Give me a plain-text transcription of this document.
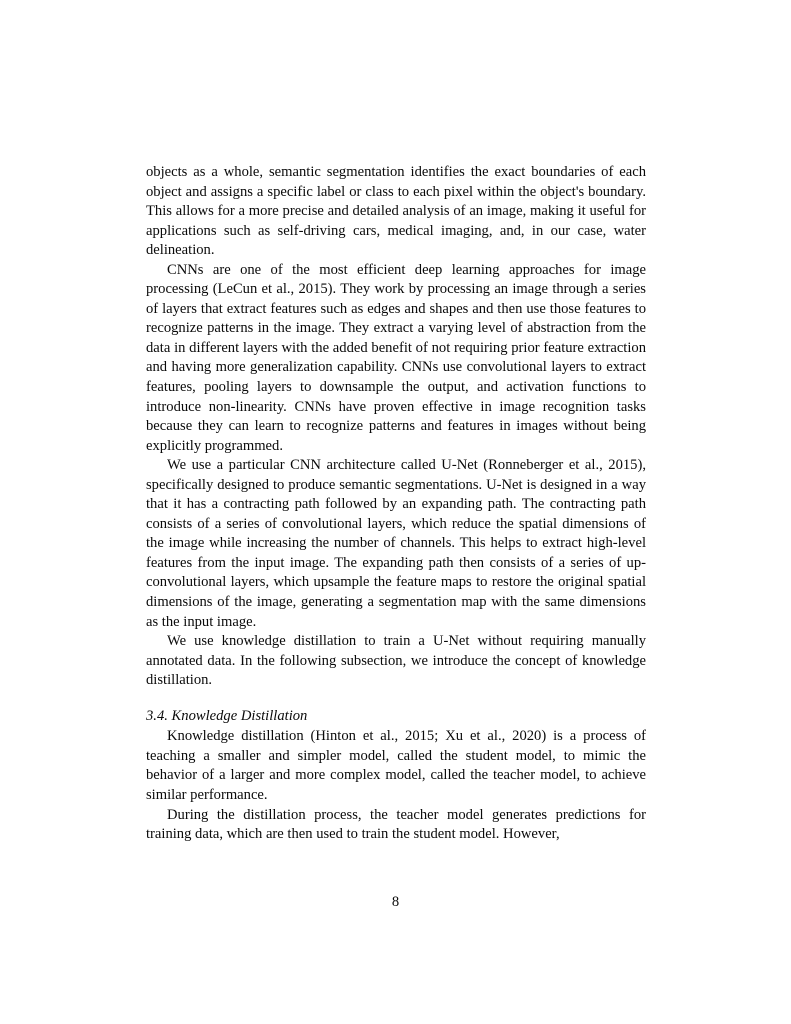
objects as a whole, semantic segmentation identifies the exact boundaries of each object and assigns a specific label or class to each pixel within the object's boundary. This allows for a more precise and detailed analysis of an image, making it useful for applications such as self-driving cars, medical imaging, and, in our case, water delineation.

CNNs are one of the most efficient deep learning approaches for image processing (LeCun et al., 2015). They work by processing an image through a series of layers that extract features such as edges and shapes and then use those features to recognize patterns in the image. They extract a varying level of abstraction from the data in different layers with the added benefit of not requiring prior feature extraction and having more generalization capability. CNNs use convolutional layers to extract features, pooling layers to downsample the output, and activation functions to introduce non-linearity. CNNs have proven effective in image recognition tasks because they can learn to recognize patterns and features in images without being explicitly programmed.

We use a particular CNN architecture called U-Net (Ronneberger et al., 2015), specifically designed to produce semantic segmentations. U-Net is designed in a way that it has a contracting path followed by an expanding path. The contracting path consists of a series of convolutional layers, which reduce the spatial dimensions of the image while increasing the number of channels. This helps to extract high-level features from the input image. The expanding path then consists of a series of up-convolutional layers, which upsample the feature maps to restore the original spatial dimensions of the image, generating a segmentation map with the same dimensions as the input image.

We use knowledge distillation to train a U-Net without requiring manually annotated data. In the following subsection, we introduce the concept of knowledge distillation.

3.4. Knowledge Distillation

Knowledge distillation (Hinton et al., 2015; Xu et al., 2020) is a process of teaching a smaller and simpler model, called the student model, to mimic the behavior of a larger and more complex model, called the teacher model, to achieve similar performance.

During the distillation process, the teacher model generates predictions for training data, which are then used to train the student model. However,

8
